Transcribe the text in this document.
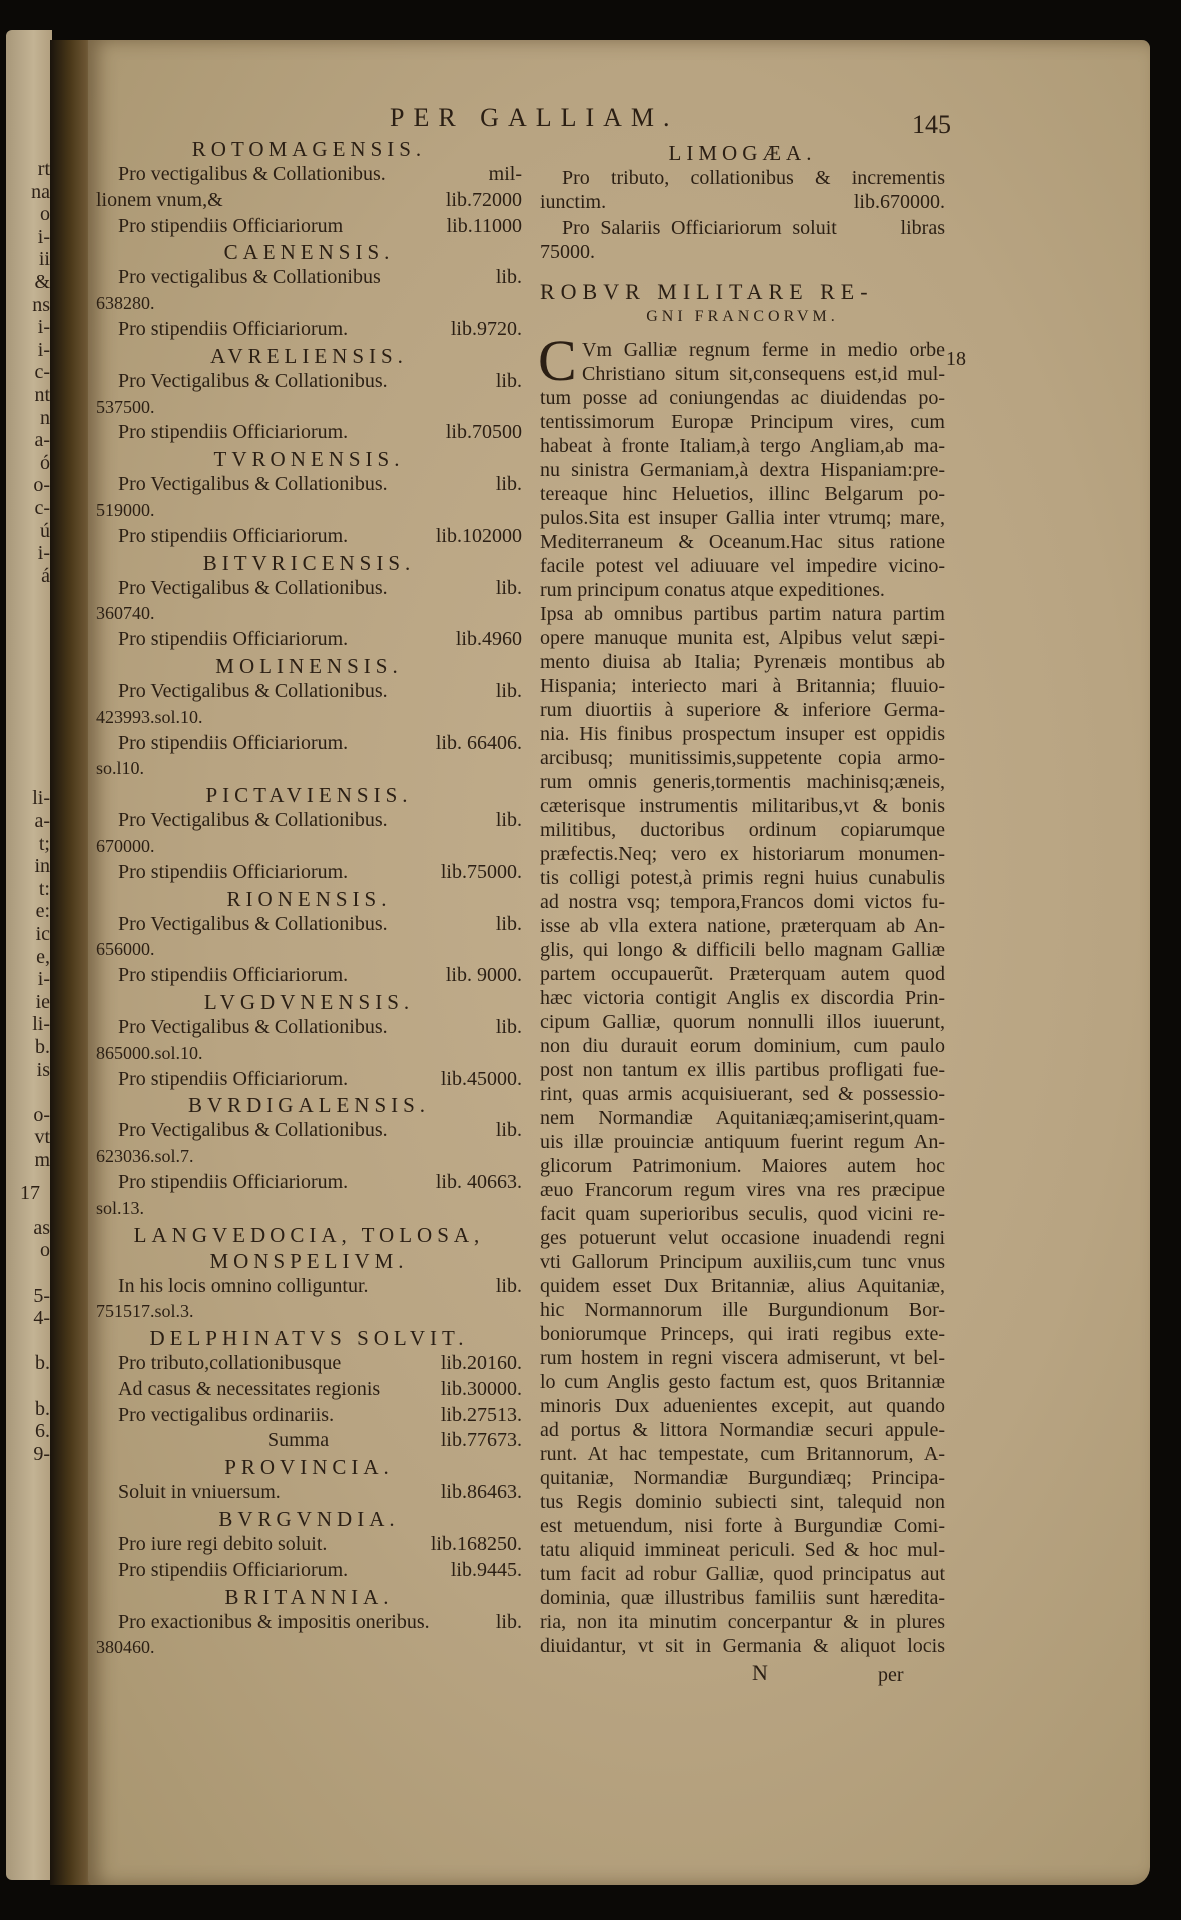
rt
na
o
i-
ii
&
ns
i-
i-
c-
nt
n
a-
ó
o-
c-
ú
i-
á
li-
a-
t;
in
t:
e:
ic
e,
i-
ie
li-
b.
is
o-
vt
m
as
o
5-
4-
b.
b.
6.
9-
PER GALLIAM.	145
ROTOMAGENSIS.
Pro vectigalibus & Collationibus.	mil-
lionem vnum,&	lib.72000
Pro stipendiis Officiariorum	lib.11000
CAENENSIS.
Pro vectigalibus & Collationibus	lib.
638280.
Pro stipendiis Officiariorum.	lib.9720.
AVRELIENSIS.
Pro Vectigalibus & Collationibus.	lib.
537500.
Pro stipendiis Officiariorum.	lib.70500
TVRONENSIS.
Pro Vectigalibus & Collationibus.	lib.
519000.
Pro stipendiis Officiariorum.	lib.102000
BITVRICENSIS.
Pro Vectigalibus & Collationibus.	lib.
360740.
Pro stipendiis Officiariorum.	lib.4960
MOLINENSIS.
Pro Vectigalibus & Collationibus.	lib.
423993.sol.10.
Pro stipendiis Officiariorum.	lib. 66406.
so.l10.
PICTAVIENSIS.
Pro Vectigalibus & Collationibus.	lib.
670000.
Pro stipendiis Officiariorum.	lib.75000.
RIONENSIS.
Pro Vectigalibus & Collationibus.	lib.
656000.
Pro stipendiis Officiariorum.	lib. 9000.
LVGDVNENSIS.
Pro Vectigalibus & Collationibus.	lib.
865000.sol.10.
Pro stipendiis Officiariorum.	lib.45000.
BVRDIGALENSIS.
Pro Vectigalibus & Collationibus.	lib.
623036.sol.7.
Pro stipendiis Officiariorum.	lib. 40663.
sol.13.
LANGVEDOCIA, TOLOSA,
MONSPELIVM.
In his locis omnino colliguntur.	lib.
751517.sol.3.
DELPHINATVS SOLVIT.
Pro tributo,collationibusque	lib.20160.
Ad casus & necessitates regionis	lib.30000.
Pro vectigalibus ordinariis.	lib.27513.
Summa	lib.77673.
PROVINCIA.
Soluit in vniuersum.	lib.86463.
BVRGVNDIA.
Pro iure regi debito soluit.	lib.168250.
Pro stipendiis Officiariorum.	lib.9445.
BRITANNIA.
Pro exactionibus & impositis oneribus.	lib.
380460.
LIMOGÆA.
Pro tributo, collationibus & incrementis
iunctim.	lib.670000.
Pro Salariis Officiariorum soluit      libras
75000.
ROBVR MILITARE RE-
GNI FRANCORVM.
C Vm Galliæ regnum ferme in medio orbe
Christiano situm sit,consequens est,id mul-
tum posse ad coniungendas ac diuidendas po-
tentissimorum Europæ Principum vires, cum
habeat à fronte Italiam,à tergo Angliam,ab ma-
nu sinistra Germaniam,à dextra Hispaniam:pre-
tereaque hinc Heluetios, illinc Belgarum po-
pulos.Sita est insuper Gallia inter vtrumq; mare,
Mediterraneum & Oceanum.Hac situs ratione
facile potest vel adiuuare vel impedire vicino-
rum principum conatus atque expeditiones.
Ipsa ab omnibus partibus partim natura partim
opere manuque munita est, Alpibus velut sæpi-
mento diuisa ab Italia; Pyrenæis montibus ab
Hispania; interiecto mari à Britannia; fluuio-
rum diuortiis à superiore & inferiore Germa-
nia. His finibus prospectum insuper est oppidis
arcibusq; munitissimis,suppetente copia armo-
rum omnis generis,tormentis machinisq;æneis,
cæterisque instrumentis militaribus,vt & bonis
militibus, ductoribus ordinum copiarumque
præfectis.Neq; vero ex historiarum monumen-
tis colligi potest,à primis regni huius cunabulis
ad nostra vsq; tempora,Francos domi victos fu-
isse ab vlla extera natione, præterquam ab An-
glis, qui longo & difficili bello magnam Galliæ
partem occupauerũt. Præterquam autem quod
hæc victoria contigit Anglis ex discordia Prin-
cipum Galliæ, quorum nonnulli illos iuuerunt,
non diu durauit eorum dominium, cum paulo
post non tantum ex illis partibus profligati fue-
rint, quas armis acquisiuerant, sed & possessio-
nem Normandiæ Aquitaniæq;amiserint,quam-
uis illæ prouinciæ antiquum fuerint regum An-
glicorum Patrimonium. Maiores autem hoc
æuo Francorum regum vires vna res præcipue
facit quam superioribus seculis, quod vicini re-
ges potuerunt velut occasione inuadendi regni
vti Gallorum Principum auxiliis,cum tunc vnus
quidem esset Dux Britanniæ, alius Aquitaniæ,
hic Normannorum ille Burgundionum Bor-
boniorumque Princeps, qui irati regibus exte-
rum hostem in regni viscera admiserunt, vt bel-
lo cum Anglis gesto factum est, quos Britanniæ
minoris Dux aduenientes excepit, aut quando
ad portus & littora Normandiæ securi appule-
runt. At hac tempestate, cum Britannorum, A-
quitaniæ, Normandiæ Burgundiæq; Principa-
tus Regis dominio subiecti sint, talequid non
est metuendum, nisi forte à Burgundiæ Comi-
tatu aliquid immineat periculi. Sed & hoc mul-
tum facit ad robur Galliæ, quod principatus aut
dominia, quæ illustribus familiis sunt hæredita-
ria, non ita minutim concerpantur & in plures
diuidantur, vt sit in Germania & aliquot locis
18
17
N	per
